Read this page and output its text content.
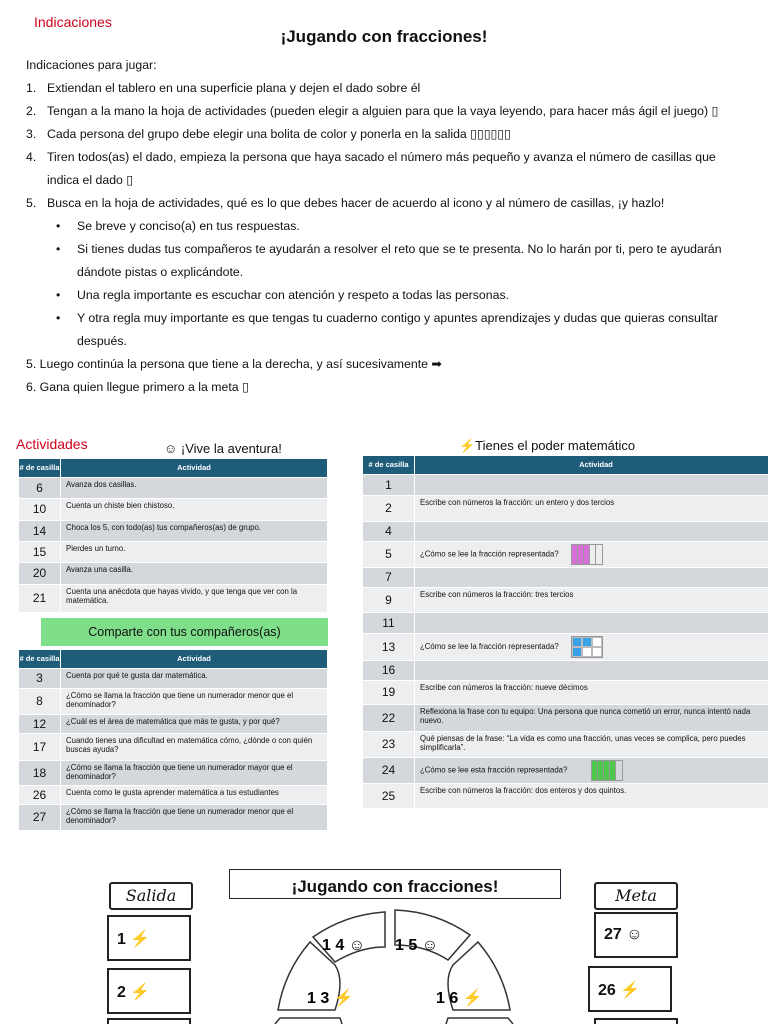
Indicaciones
¡Jugando con fracciones!
Indicaciones para jugar:
1. Extiendan el tablero en una superficie plana y dejen el dado sobre él
2. Tengan a la mano la hoja de actividades (pueden elegir a alguien para que la vaya leyendo, para hacer más ágil el juego) ▯
3. Cada persona del grupo debe elegir una bolita de color y ponerla en la salida ▯▯▯▯▯▯
4. Tiren todos(as) el dado, empieza la persona que haya sacado el número más pequeño y avanza el número de casillas que indica el dado ▯
5. Busca en la hoja de actividades, qué es lo que debes hacer de acuerdo al icono y al número de casillas, ¡y hazlo!
• Se breve y conciso(a) en tus respuestas.
• Si tienes dudas tus compañeros te ayudarán a resolver el reto que se te presenta. No lo harán por ti, pero te ayudarán dándote pistas o explicándote.
• Una regla importante es escuchar con atención y respeto a todas las personas.
• Y otra regla muy importante es que tengas tu cuaderno contigo y apuntes aprendizajes y dudas que quieras consultar después.
5. Luego continúa la persona que tiene a la derecha, y así sucesivamente ➡
6. Gana quien llegue primero a la meta ▯
Actividades	☺ ¡Vive la aventura!	⚡Tienes el poder matemático
# de casilla	Actividad
6	Avanza dos casillas.
10	Cuenta un chiste bien chistoso.
14	Choca los 5, con todo(as) tus compañeros(as) de grupo.
15	Pierdes un turno.
20	Avanza una casilla.
21	Cuenta una anécdota que hayas vivido, y que tenga que ver con la matemática.
Comparte con tus compañeros(as)
# de casilla	Actividad
3	Cuenta por qué te gusta dar matemática.
8	¿Cómo se llama la fracción que tiene un numerador menor que el denominador?
12	¿Cuál es el área de matemática que más te gusta, y por qué?
17	Cuando tienes una dificultad en matemática cómo, ¿dónde o con quién buscas ayuda?
18	¿Cómo se llama la fracción que tiene un numerador mayor que el denominador?
26	Cuenta como le gusta aprender matemática a tus estudiantes
27	¿Cómo se llama la fracción que tiene un numerador menor que el denominador?
# de casilla	Actividad
1	
2	Escribe con números la fracción: un entero y dos tercios
4	
5	¿Cómo se lee la fracción representada?

7	
9	Escribe con números la fracción: tres tercios
11	
13	¿Cómo se lee la fracción representada?

16	
19	Escribe con números la fracción: nueve décimos
22	Reflexiona la frase con tu equipo: Una persona que nunca cometió un error, nunca intentó nada nuevo.
23	Qué piensas de la frase: “La vida es como una fracción, unas veces se complica, pero puedes simplificarla”.
24	¿Cómo se lee esta fracción representada?

25	Escribe con números la fracción: dos enteros y dos quintos.
¡Jugando con fracciones!
Salida	Meta
1 ⚡
2 ⚡
27 ☺
26 ⚡
1 4 ☺ 1 5 ☺
1 3 ⚡	1 6 ⚡
